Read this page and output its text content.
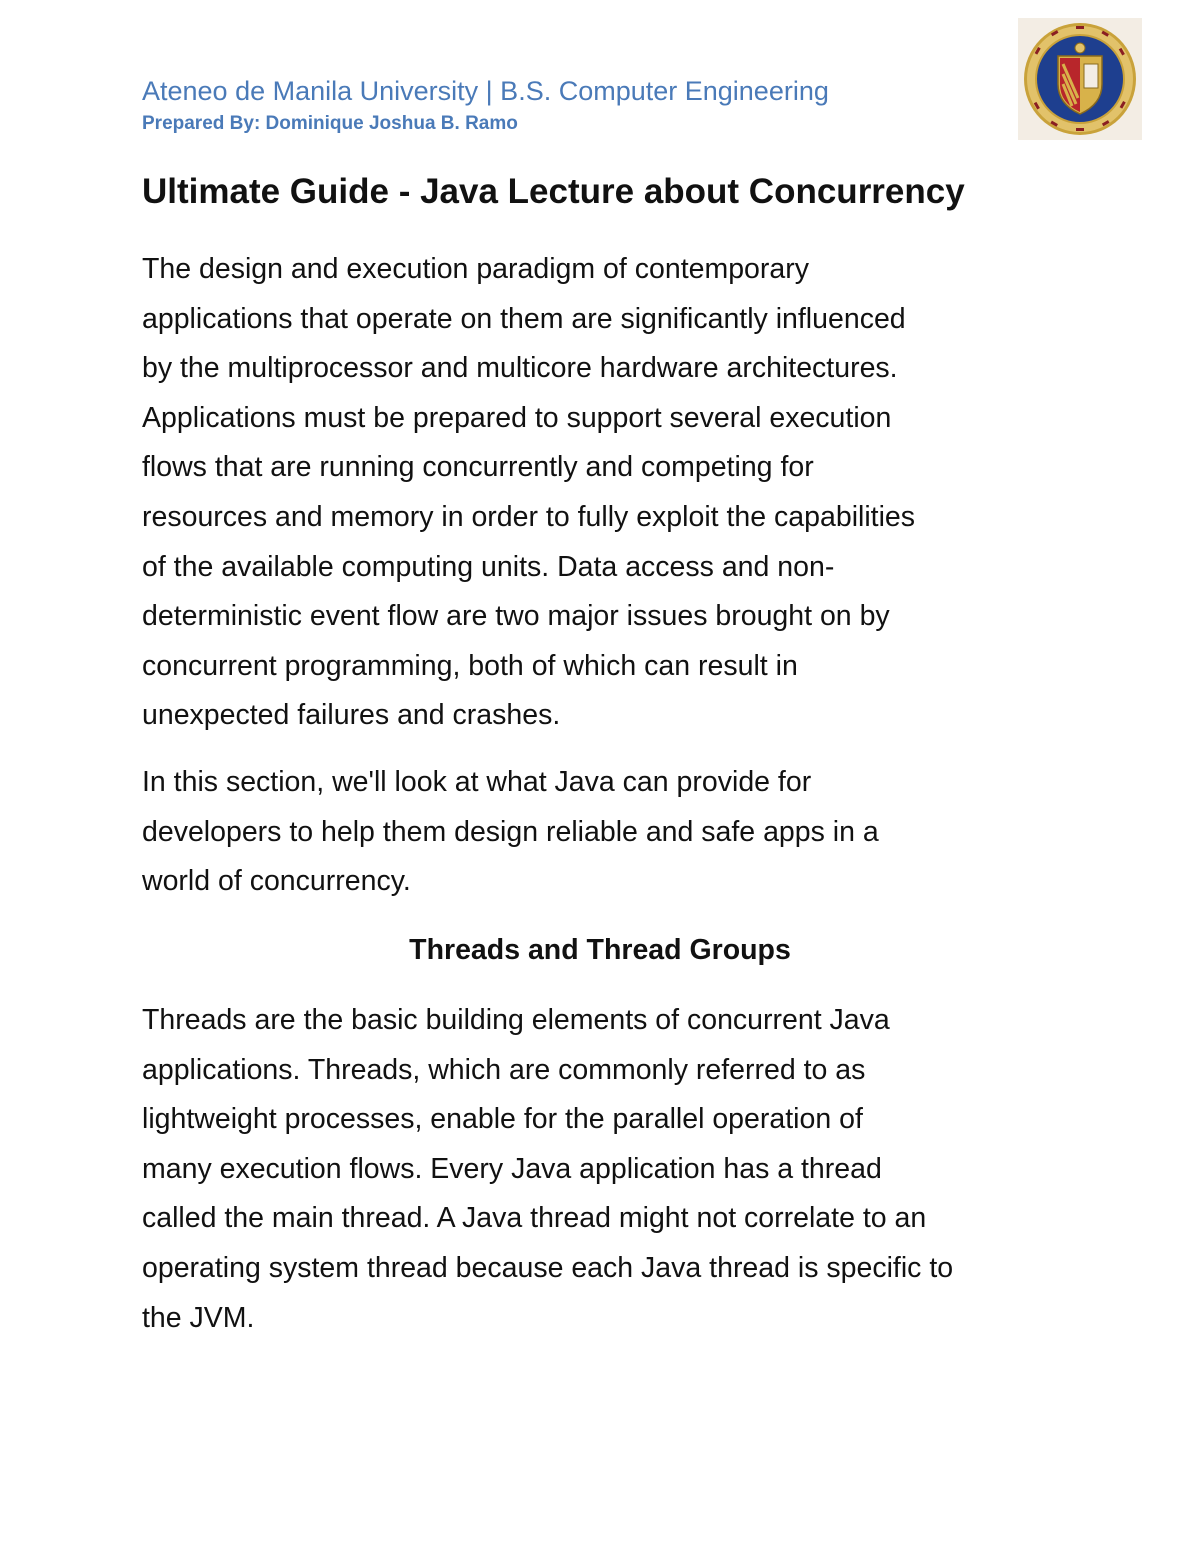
Ateneo de Manila University | B.S. Computer Engineering
Prepared By: Dominique Joshua B. Ramo
Ultimate Guide - Java Lecture about Concurrency

The design and execution paradigm of contemporary
applications that operate on them are significantly influenced
by the multiprocessor and multicore hardware architectures.
Applications must be prepared to support several execution
flows that are running concurrently and competing for
resources and memory in order to fully exploit the capabilities
of the available computing units. Data access and non-
deterministic event flow are two major issues brought on by
concurrent programming, both of which can result in
unexpected failures and crashes.

In this section, we'll look at what Java can provide for
developers to help them design reliable and safe apps in a
world of concurrency.

Threads and Thread Groups

Threads are the basic building elements of concurrent Java
applications. Threads, which are commonly referred to as
lightweight processes, enable for the parallel operation of
many execution flows. Every Java application has a thread
called the main thread. A Java thread might not correlate to an
operating system thread because each Java thread is specific to
the JVM.
